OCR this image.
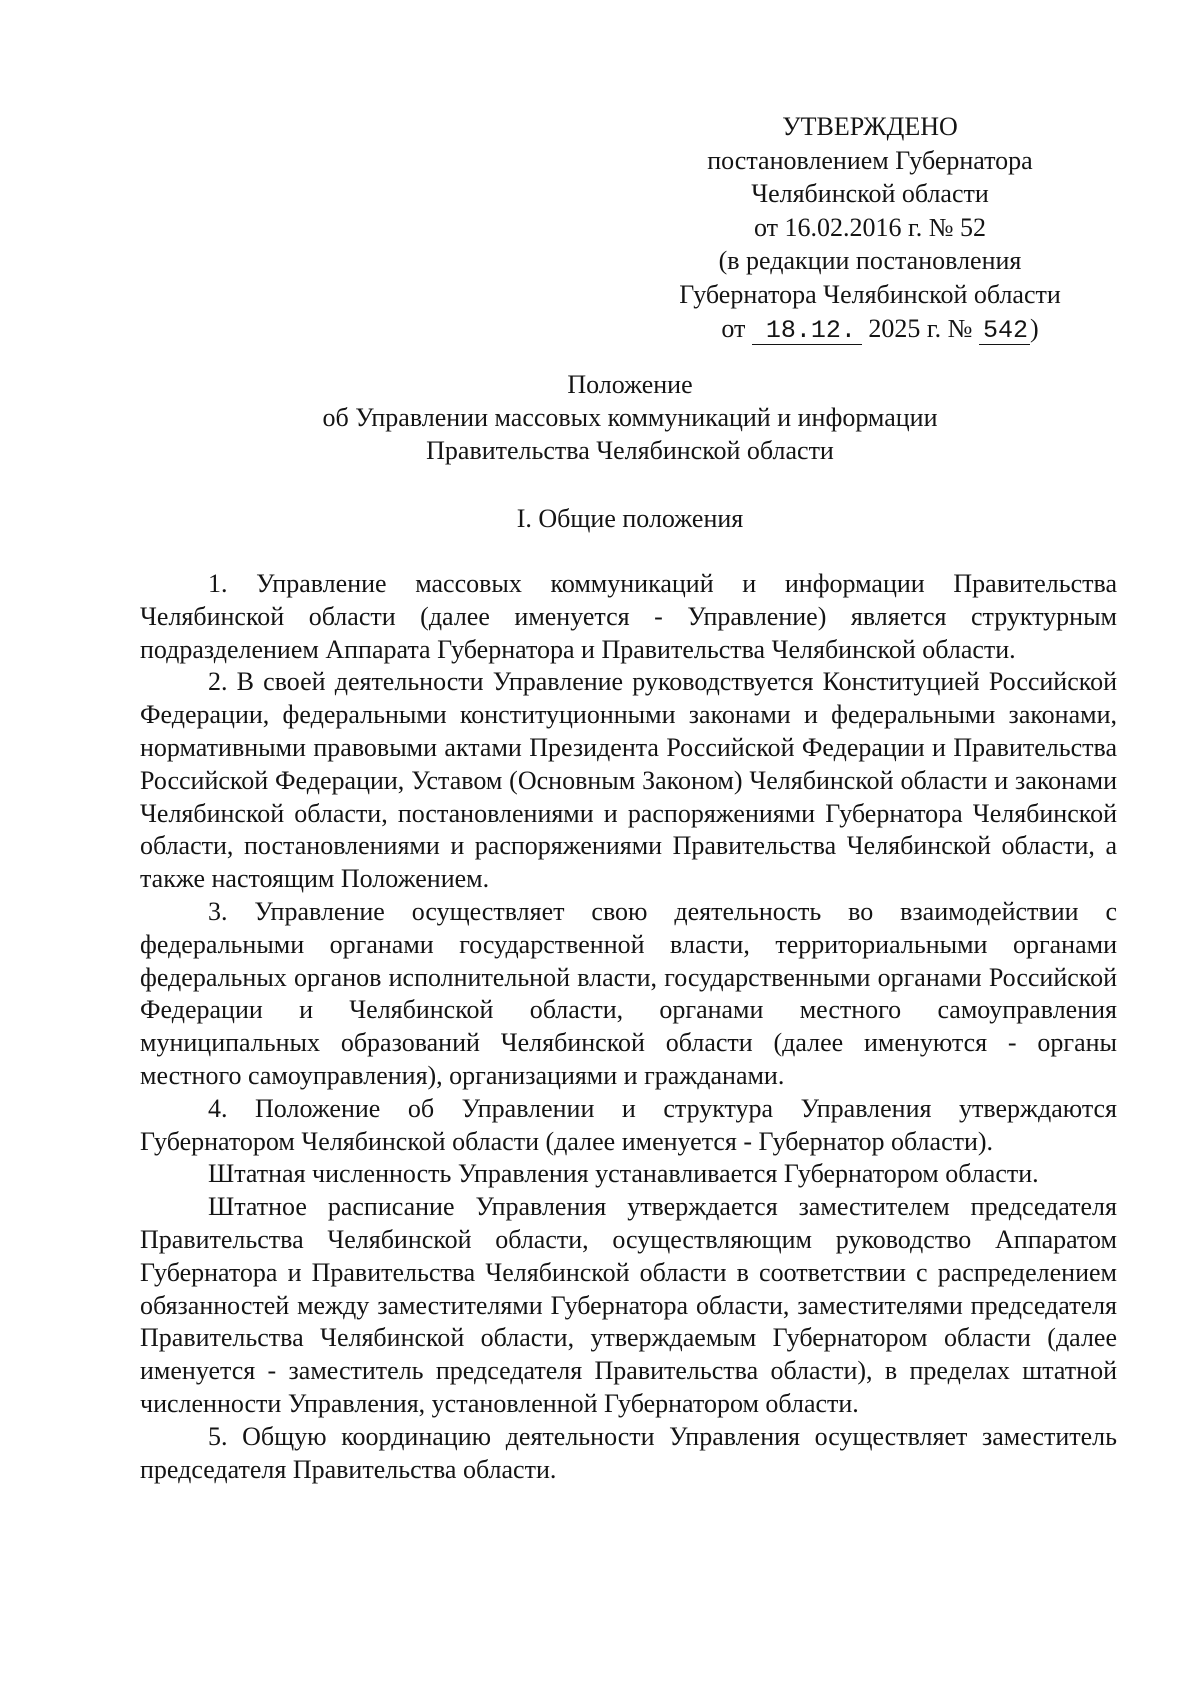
УТВЕРЖДЕНО
постановлением Губернатора
Челябинской области
от 16.02.2016 г. № 52
(в редакции постановления
Губернатора Челябинской области
от 18.12. 2025 г. № 542)
Положение
об Управлении массовых коммуникаций и информации
Правительства Челябинской области
I. Общие положения

1. Управление массовых коммуникаций и информации Правительства Челябинской области (далее именуется - Управление) является структурным подразделением Аппарата Губернатора и Правительства Челябинской области.

2. В своей деятельности Управление руководствуется Конституцией Российской Федерации, федеральными конституционными законами и федеральными законами, нормативными правовыми актами Президента Российской Федерации и Правительства Российской Федерации, Уставом (Основным Законом) Челябинской области и законами Челябинской области, постановлениями и распоряжениями Губернатора Челябинской области, постановлениями и распоряжениями Правительства Челябинской области, а также настоящим Положением.

3. Управление осуществляет свою деятельность во взаимодействии с федеральными органами государственной власти, территориальными органами федеральных органов исполнительной власти, государственными органами Российской Федерации и Челябинской области, органами местного самоуправления муниципальных образований Челябинской области (далее именуются - органы местного самоуправления), организациями и гражданами.

4. Положение об Управлении и структура Управления утверждаются Губернатором Челябинской области (далее именуется - Губернатор области).

Штатная численность Управления устанавливается Губернатором области.

Штатное расписание Управления утверждается заместителем председателя Правительства Челябинской области, осуществляющим руководство Аппаратом Губернатора и Правительства Челябинской области в соответствии с распределением обязанностей между заместителями Губернатора области, заместителями председателя Правительства Челябинской области, утверждаемым Губернатором области (далее именуется - заместитель председателя Правительства области), в пределах штатной численности Управления, установленной Губернатором области.

5. Общую координацию деятельности Управления осуществляет заместитель председателя Правительства области.
